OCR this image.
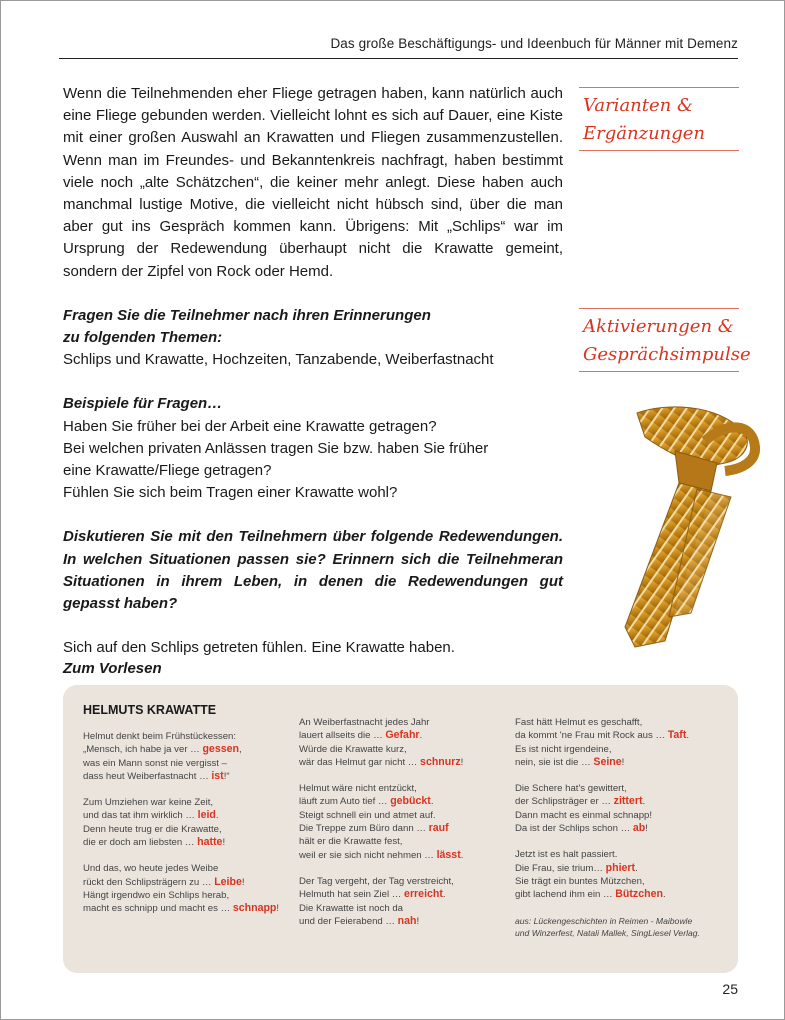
Das große Beschäftigungs- und Ideenbuch für Männer mit Demenz

Wenn die Teilnehmenden eher Fliege getragen haben, kann natürlich auch eine Fliege gebunden werden. Vielleicht lohnt es sich auf Dauer, eine Kiste mit einer großen Auswahl an Krawatten und Fliegen zusammenzustellen. Wenn man im Freundes- und Bekanntenkreis nachfragt, haben bestimmt viele noch „alte Schätzchen“, die keiner mehr anlegt. Diese haben auch manchmal lustige Motive, die vielleicht nicht hübsch sind, über die man aber gut ins Gespräch kommen kann. Übrigens: Mit „Schlips“ war im Ursprung der Redewendung überhaupt nicht die Krawatte gemeint, sondern der Zipfel von Rock oder Hemd.

Fragen Sie die Teilnehmer nach ihren Erinnerungen
zu folgenden Themen:
Schlips und Krawatte, Hochzeiten, Tanzabende, Weiberfastnacht
Beispiele für Fragen…
Haben Sie früher bei der Arbeit eine Krawatte getragen?
Bei welchen privaten Anlässen tragen Sie bzw. haben Sie früher
eine Krawatte/Fliege getragen?
Fühlen Sie sich beim Tragen einer Krawatte wohl?

Diskutieren Sie mit den Teilnehmern über folgende Redewendungen. In welchen Situationen passen sie? Erinnern sich die Teilnehmeran Situationen in ihrem Leben, in denen die Redewendungen gut gepasst haben?

Sich auf den Schlips getreten fühlen. Eine Krawatte haben.
Varianten &
Ergänzungen
Aktivierungen &
Gesprächsimpulse
Zum Vorlesen
HELMUTS KRAWATTE
Helmut denkt beim Frühstückessen:
„Mensch, ich habe ja ver … gessen,
was ein Mann sonst nie vergisst –
dass heut Weiberfastnacht … ist!“
Zum Umziehen war keine Zeit,
und das tat ihm wirklich … leid.
Denn heute trug er die Krawatte,
die er doch am liebsten … hatte!
Und das, wo heute jedes Weibe
rückt den Schlipsträgern zu … Leibe!
Hängt irgendwo ein Schlips herab,
macht es schnipp und macht es … schnapp!
An Weiberfastnacht jedes Jahr
lauert allseits die … Gefahr.
Würde die Krawatte kurz,
wär das Helmut gar nicht … schnurz!
Helmut wäre nicht entzückt,
läuft zum Auto tief … gebückt.
Steigt schnell ein und atmet auf.
Die Treppe zum Büro dann … rauf
hält er die Krawatte fest,
weil er sie sich nicht nehmen … lässt.
Der Tag vergeht, der Tag verstreicht,
Helmuth hat sein Ziel … erreicht.
Die Krawatte ist noch da
und der Feierabend … nah!
Fast hätt Helmut es geschafft,
da kommt 'ne Frau mit Rock aus … Taft.
Es ist nicht irgendeine,
nein, sie ist die … Seine!
Die Schere hat's gewittert,
der Schlipsträger er … zittert.
Dann macht es einmal schnapp!
Da ist der Schlips schon … ab!
Jetzt ist es halt passiert.
Die Frau, sie trium… phiert.
Sie trägt ein buntes Mützchen,
gibt lachend ihm ein … Bützchen.
aus: Lückengeschichten in Reimen - Maibowle
und Winzerfest, Natali Mallek, SingLiesel Verlag.
25
